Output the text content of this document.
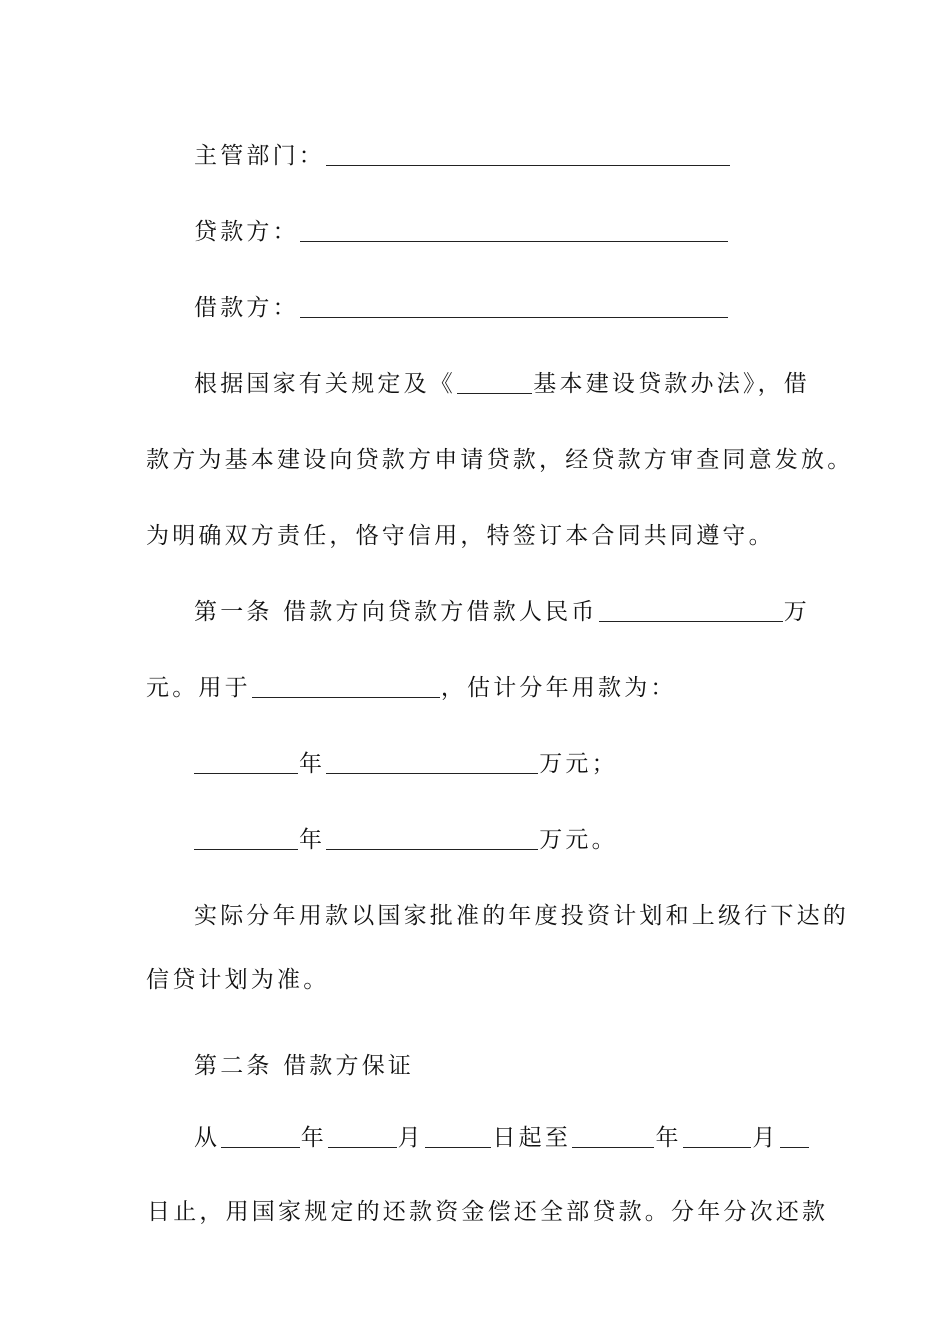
主管部门：
贷款方：
借款方：
根据国家有关规定及《	基本建设贷款办法》，借
款方为基本建设向贷款方申请贷款，经贷款方审查同意发放。
为明确双方责任，恪守信用，特签订本合同共同遵守。
第一条 借款方向贷款方借款人民币	万
元。用于	，估计分年用款为：
年	万元；
年	万元。
实际分年用款以国家批准的年度投资计划和上级行下达的
信贷计划为准。
第二条 借款方保证
从	年	月	日起至	年	月
日止，用国家规定的还款资金偿还全部贷款。分年分次还款
